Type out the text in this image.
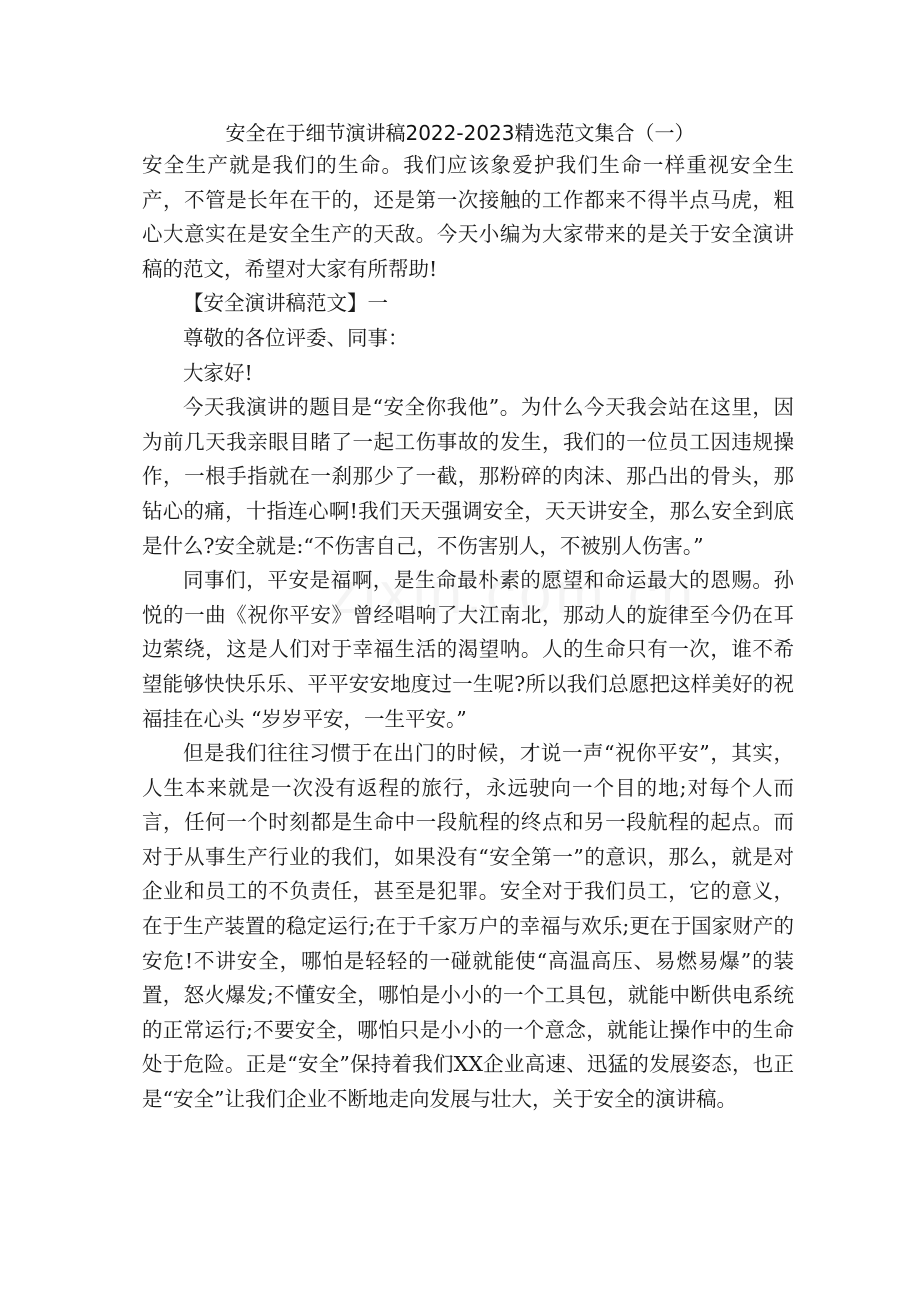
安全在于细节演讲稿2022-2023精选范文集合（一）

安全生产就是我们的生命。我们应该象爱护我们生命一样重视安全生产，不管是长年在干的，还是第一次接触的工作都来不得半点马虎，粗心大意实在是安全生产的天敌。今天小编为大家带来的是关于安全演讲稿的范文，希望对大家有所帮助!

【安全演讲稿范文】一

尊敬的各位评委、同事：

大家好!

今天我演讲的题目是“安全你我他”。为什么今天我会站在这里，因为前几天我亲眼目睹了一起工伤事故的发生，我们的一位员工因违规操作，一根手指就在一刹那少了一截，那粉碎的肉沫、那凸出的骨头，那钻心的痛，十指连心啊!我们天天强调安全，天天讲安全，那么安全到底是什么?安全就是:“不伤害自己，不伤害别人，不被别人伤害。”

同事们，平安是福啊，是生命最朴素的愿望和命运最大的恩赐。孙悦的一曲《祝你平安》曾经唱响了大江南北，那动人的旋律至今仍在耳边萦绕，这是人们对于幸福生活的渴望呐。人的生命只有一次，谁不希望能够快快乐乐、平平安安地度过一生呢?所以我们总愿把这样美好的祝福挂在心头 “岁岁平安，一生平安。”

但是我们往往习惯于在出门的时候，才说一声“祝你平安”，其实，人生本来就是一次没有返程的旅行，永远驶向一个目的地;对每个人而言，任何一个时刻都是生命中一段航程的终点和另一段航程的起点。而对于从事生产行业的我们，如果没有“安全第一”的意识，那么，就是对企业和员工的不负责任，甚至是犯罪。安全对于我们员工，它的意义，在于生产装置的稳定运行;在于千家万户的幸福与欢乐;更在于国家财产的安危!不讲安全，哪怕是轻轻的一碰就能使“高温高压、易燃易爆”的装置，怒火爆发;不懂安全，哪怕是小小的一个工具包，就能中断供电系统的正常运行;不要安全，哪怕只是小小的一个意念，就能让操作中的生命处于危险。正是“安全”保持着我们XX企业高速、迅猛的发展姿态，也正是“安全”让我们企业不断地走向发展与壮大，关于安全的演讲稿。
